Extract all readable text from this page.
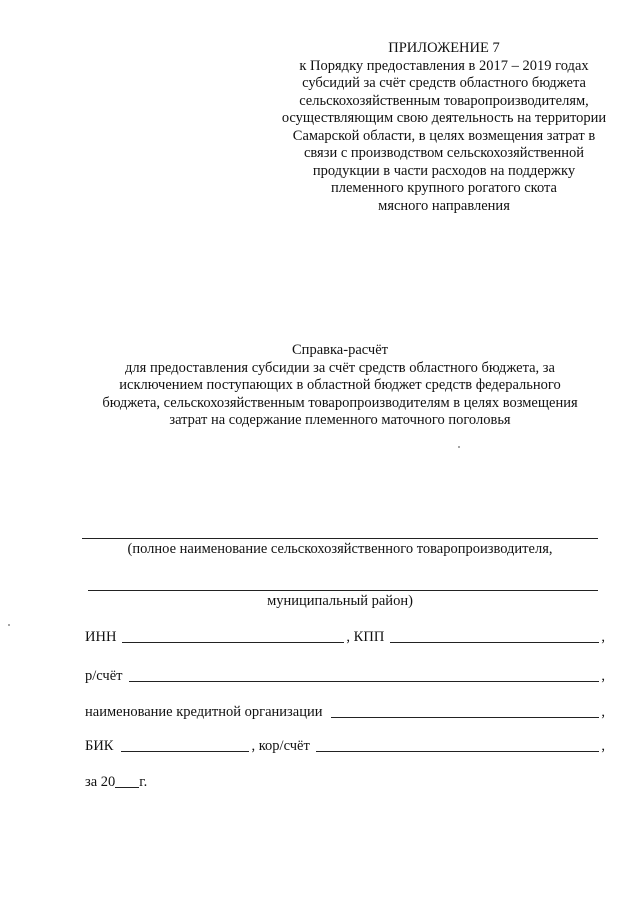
ПРИЛОЖЕНИЕ 7
к Порядку предоставления в 2017 – 2019 годах
субсидий за счёт средств областного бюджета
сельскохозяйственным товаропроизводителям,
осуществляющим свою деятельность на территории
Самарской области, в целях возмещения затрат в
связи с производством сельскохозяйственной
продукции в части расходов на поддержку
племенного крупного рогатого скота
мясного направления
Справка-расчёт
для предоставления субсидии за счёт средств областного бюджета, за
исключением поступающих в областной бюджет средств федерального
бюджета, сельскохозяйственным товаропроизводителям в целях возмещения
затрат на содержание племенного маточного поголовья
(полное наименование сельскохозяйственного товаропроизводителя,
муниципальный район)
ИНН	, КПП	,
р/счёт	,
наименование кредитной организации	,
БИК	, кор/счёт	,
за 20 г.
